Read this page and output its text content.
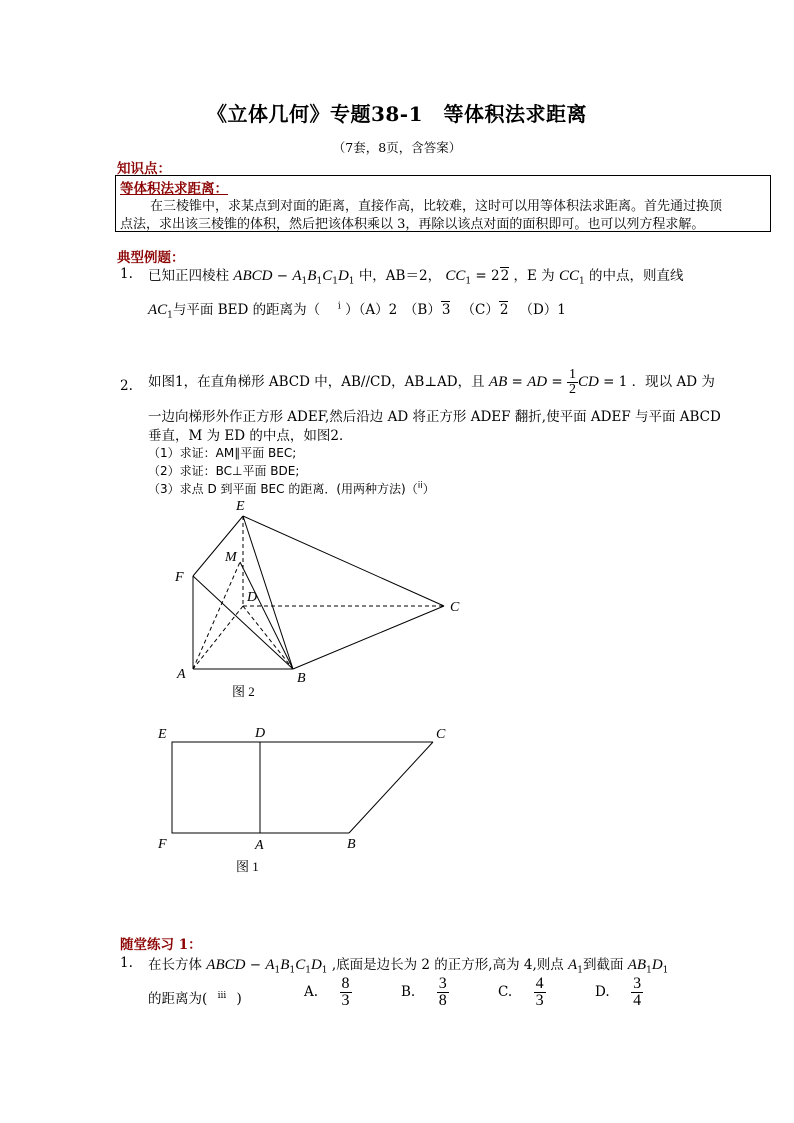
《立体几何》专题38-1　等体积法求距离
（7套，8页，含答案）
知识点：
等体积法求距离：
在三棱锥中，求某点到对面的距离，直接作高，比较难，这时可以用等体积法求距离。首先通过换顶
点法，求出该三棱锥的体积，然后把该体积乘以 3，再除以该点对面的面积即可。也可以列方程求解。
典型例题：
1. 已知正四棱柱 ABCD − $A_1B_1C_1D_1$ 中，AB＝2， $CC_1 = 22$ ，E 为 $CC_1$ 的中点，则直线
$AC_1$与平面 BED 的距离为（　 $^i$ ）（A）2　（B）3 　（C）2 　（D）1
2. 如图1，在直角梯形 ABCD 中，AB//CD，AB⊥AD，且 AB = AD = $\frac{1}{2}$ CD = 1 ．现以 AD 为
一边向梯形外作正方形 ADEF,然后沿边 AD 将正方形 ADEF 翻折,使平面 ADEF 与平面 ABCD
垂直，M 为 ED 的中点，如图2．
（1）求证：AM∥平面 BEC;
（2）求证：BC⊥平面 BDE;
（3）求点 D 到平面 BEC 的距离．(用两种方法)（$^{ii}$）
E
M
F
D
C
A	B
图 2
E	D	C
F	A	B
图 1
随堂练习 1：
1. 在长方体 ABCD − $A_1B_1C_1D_1$ ,底面是边长为 2 的正方形,高为 4,则点 $A_1$到截面 $AB_1D_1$
的距离为( $^{iii}$ )	A. $\frac{8}{3}$	B. $\frac{3}{8}$	C. $\frac{4}{3}$	D. $\frac{3}{4}$
